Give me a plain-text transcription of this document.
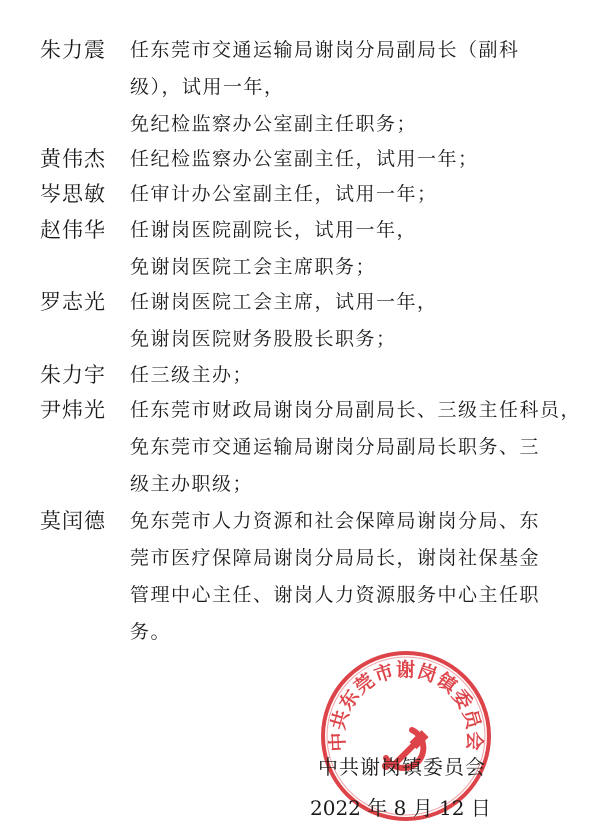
朱力震 任东莞市交通运输局谢岗分局副局长（副科
级），试用一年，
免纪检监察办公室副主任职务；
黄伟杰 任纪检监察办公室副主任，试用一年；
岑思敏 任审计办公室副主任，试用一年；
赵伟华 任谢岗医院副院长，试用一年，
免谢岗医院工会主席职务；
罗志光 任谢岗医院工会主席，试用一年，
免谢岗医院财务股股长职务；
朱力宇 任三级主办；
尹炜光 任东莞市财政局谢岗分局副局长、三级主任科员，
免东莞市交通运输局谢岗分局副局长职务、三
级主办职级；
莫闰德 免东莞市人力资源和社会保障局谢岗分局、东
莞市医疗保障局谢岗分局局长，谢岗社保基金
管理中心主任、谢岗人力资源服务中心主任职
务。
中共东莞市谢岗镇委员会
中共谢岗镇委员会
2022 年 8 月 12 日
